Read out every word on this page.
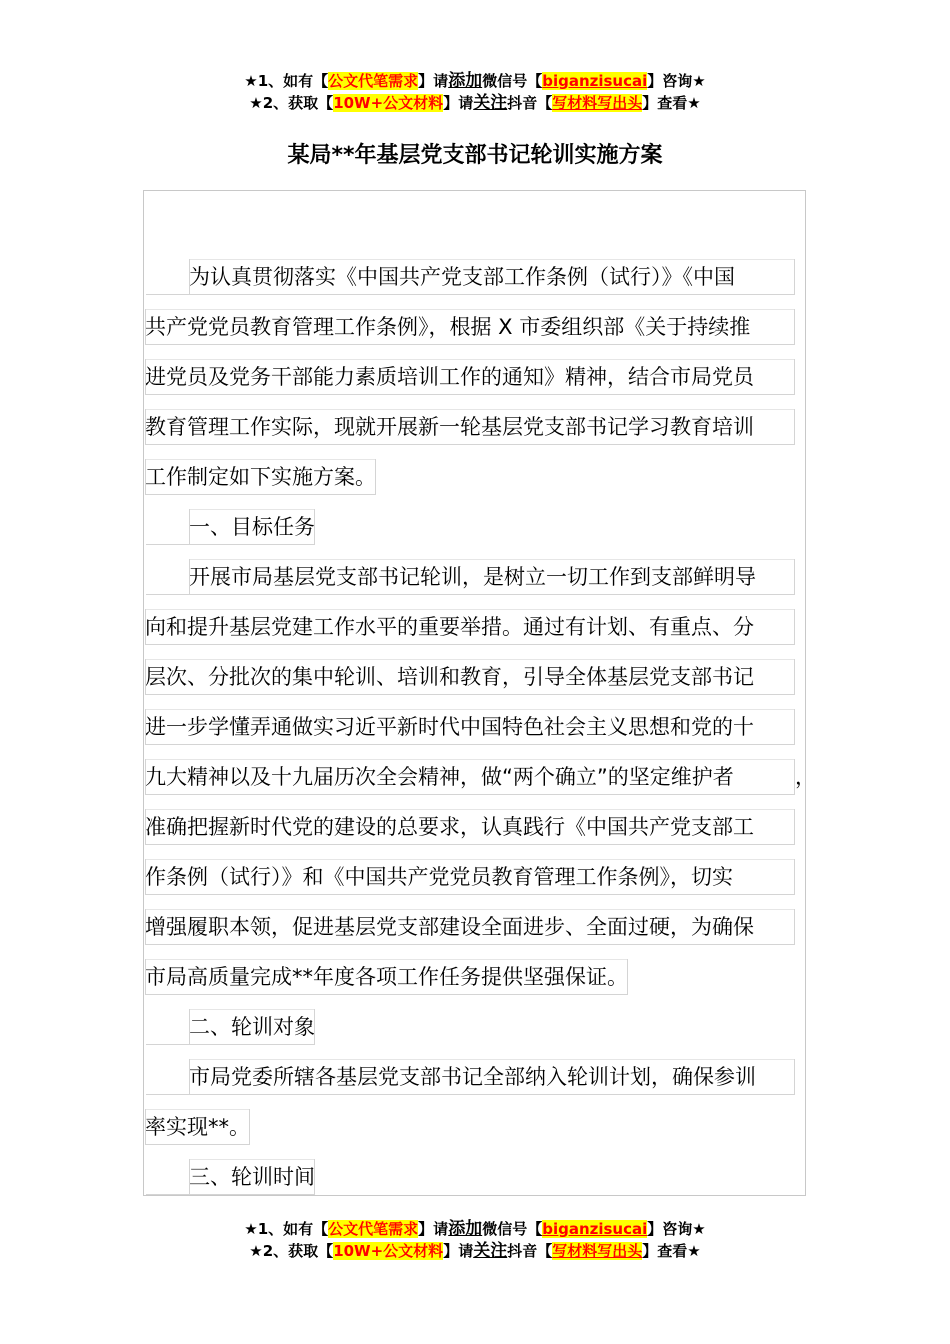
★1、如有【公文代笔需求】请添加微信号【biganzisucai】咨询★
★2、获取【10W+公文材料】请关注抖音【写材料写出头】查看★
某局**年基层党支部书记轮训实施方案
为认真贯彻落实《中国共产党支部工作条例（试行）》《中国
共产党党员教育管理工作条例》，根据 X 市委组织部《关于持续推
进党员及党务干部能力素质培训工作的通知》精神，结合市局党员
教育管理工作实际，现就开展新一轮基层党支部书记学习教育培训
工作制定如下实施方案。
一、目标任务
开展市局基层党支部书记轮训，是树立一切工作到支部鲜明导
向和提升基层党建工作水平的重要举措。通过有计划、有重点、分
层次、分批次的集中轮训、培训和教育，引导全体基层党支部书记
进一步学懂弄通做实习近平新时代中国特色社会主义思想和党的十
九大精神以及十九届历次全会精神，做“两个确立”的坚定维护者	，
准确把握新时代党的建设的总要求，认真践行《中国共产党支部工
作条例（试行）》和《中国共产党党员教育管理工作条例》，切实
增强履职本领，促进基层党支部建设全面进步、全面过硬，为确保
市局高质量完成**年度各项工作任务提供坚强保证。
二、轮训对象
市局党委所辖各基层党支部书记全部纳入轮训计划，确保参训
率实现**。
三、轮训时间
★1、如有【公文代笔需求】请添加微信号【biganzisucai】咨询★
★2、获取【10W+公文材料】请关注抖音【写材料写出头】查看★
